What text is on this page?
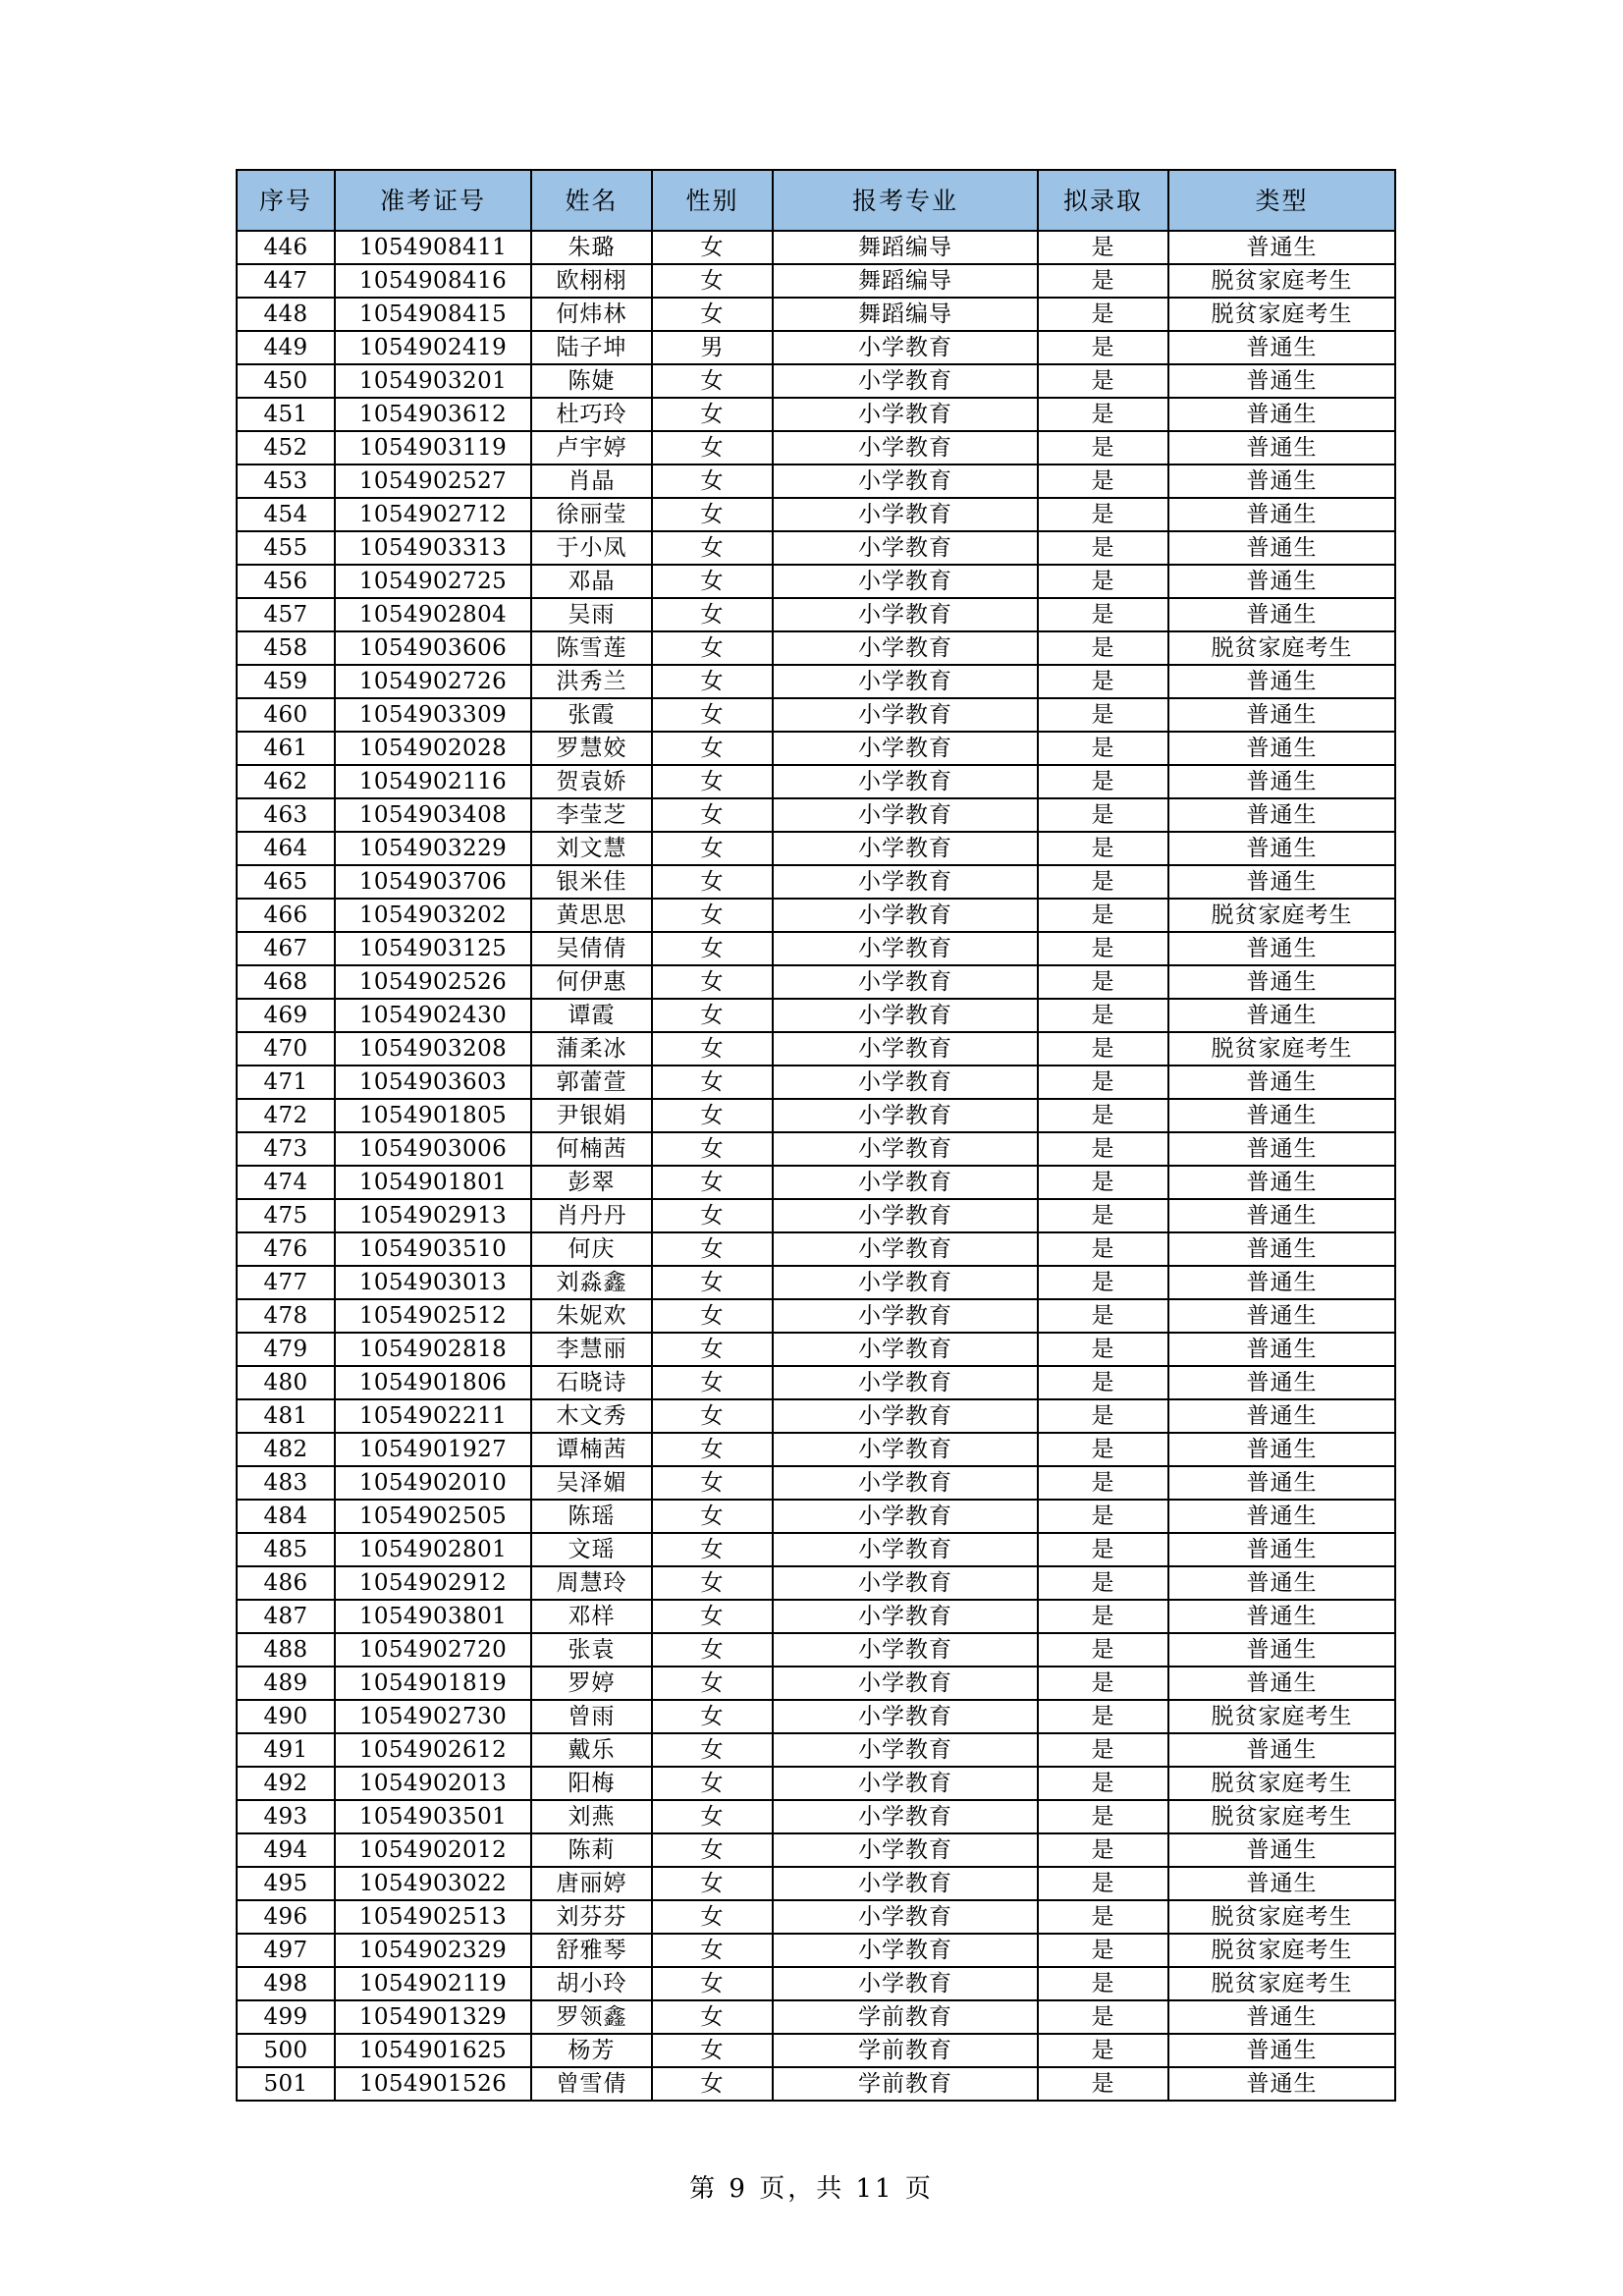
序号	准考证号	姓名	性别	报考专业	拟录取	类型
446	1054908411	朱璐	女	舞蹈编导	是	普通生
447	1054908416	欧栩栩	女	舞蹈编导	是	脱贫家庭考生
448	1054908415	何炜林	女	舞蹈编导	是	脱贫家庭考生
449	1054902419	陆子坤	男	小学教育	是	普通生
450	1054903201	陈婕	女	小学教育	是	普通生
451	1054903612	杜巧玲	女	小学教育	是	普通生
452	1054903119	卢宇婷	女	小学教育	是	普通生
453	1054902527	肖晶	女	小学教育	是	普通生
454	1054902712	徐丽莹	女	小学教育	是	普通生
455	1054903313	于小凤	女	小学教育	是	普通生
456	1054902725	邓晶	女	小学教育	是	普通生
457	1054902804	吴雨	女	小学教育	是	普通生
458	1054903606	陈雪莲	女	小学教育	是	脱贫家庭考生
459	1054902726	洪秀兰	女	小学教育	是	普通生
460	1054903309	张霞	女	小学教育	是	普通生
461	1054902028	罗慧姣	女	小学教育	是	普通生
462	1054902116	贺袁娇	女	小学教育	是	普通生
463	1054903408	李莹芝	女	小学教育	是	普通生
464	1054903229	刘文慧	女	小学教育	是	普通生
465	1054903706	银米佳	女	小学教育	是	普通生
466	1054903202	黄思思	女	小学教育	是	脱贫家庭考生
467	1054903125	吴倩倩	女	小学教育	是	普通生
468	1054902526	何伊惠	女	小学教育	是	普通生
469	1054902430	谭霞	女	小学教育	是	普通生
470	1054903208	蒲柔冰	女	小学教育	是	脱贫家庭考生
471	1054903603	郭蕾萱	女	小学教育	是	普通生
472	1054901805	尹银娟	女	小学教育	是	普通生
473	1054903006	何楠茜	女	小学教育	是	普通生
474	1054901801	彭翠	女	小学教育	是	普通生
475	1054902913	肖丹丹	女	小学教育	是	普通生
476	1054903510	何庆	女	小学教育	是	普通生
477	1054903013	刘淼鑫	女	小学教育	是	普通生
478	1054902512	朱妮欢	女	小学教育	是	普通生
479	1054902818	李慧丽	女	小学教育	是	普通生
480	1054901806	石晓诗	女	小学教育	是	普通生
481	1054902211	木文秀	女	小学教育	是	普通生
482	1054901927	谭楠茜	女	小学教育	是	普通生
483	1054902010	吴泽媚	女	小学教育	是	普通生
484	1054902505	陈瑶	女	小学教育	是	普通生
485	1054902801	文瑶	女	小学教育	是	普通生
486	1054902912	周慧玲	女	小学教育	是	普通生
487	1054903801	邓样	女	小学教育	是	普通生
488	1054902720	张袁	女	小学教育	是	普通生
489	1054901819	罗婷	女	小学教育	是	普通生
490	1054902730	曾雨	女	小学教育	是	脱贫家庭考生
491	1054902612	戴乐	女	小学教育	是	普通生
492	1054902013	阳梅	女	小学教育	是	脱贫家庭考生
493	1054903501	刘燕	女	小学教育	是	脱贫家庭考生
494	1054902012	陈莉	女	小学教育	是	普通生
495	1054903022	唐丽婷	女	小学教育	是	普通生
496	1054902513	刘芬芬	女	小学教育	是	脱贫家庭考生
497	1054902329	舒雅琴	女	小学教育	是	脱贫家庭考生
498	1054902119	胡小玲	女	小学教育	是	脱贫家庭考生
499	1054901329	罗领鑫	女	学前教育	是	普通生
500	1054901625	杨芳	女	学前教育	是	普通生
501	1054901526	曾雪倩	女	学前教育	是	普通生
第 9 页，共 11 页
